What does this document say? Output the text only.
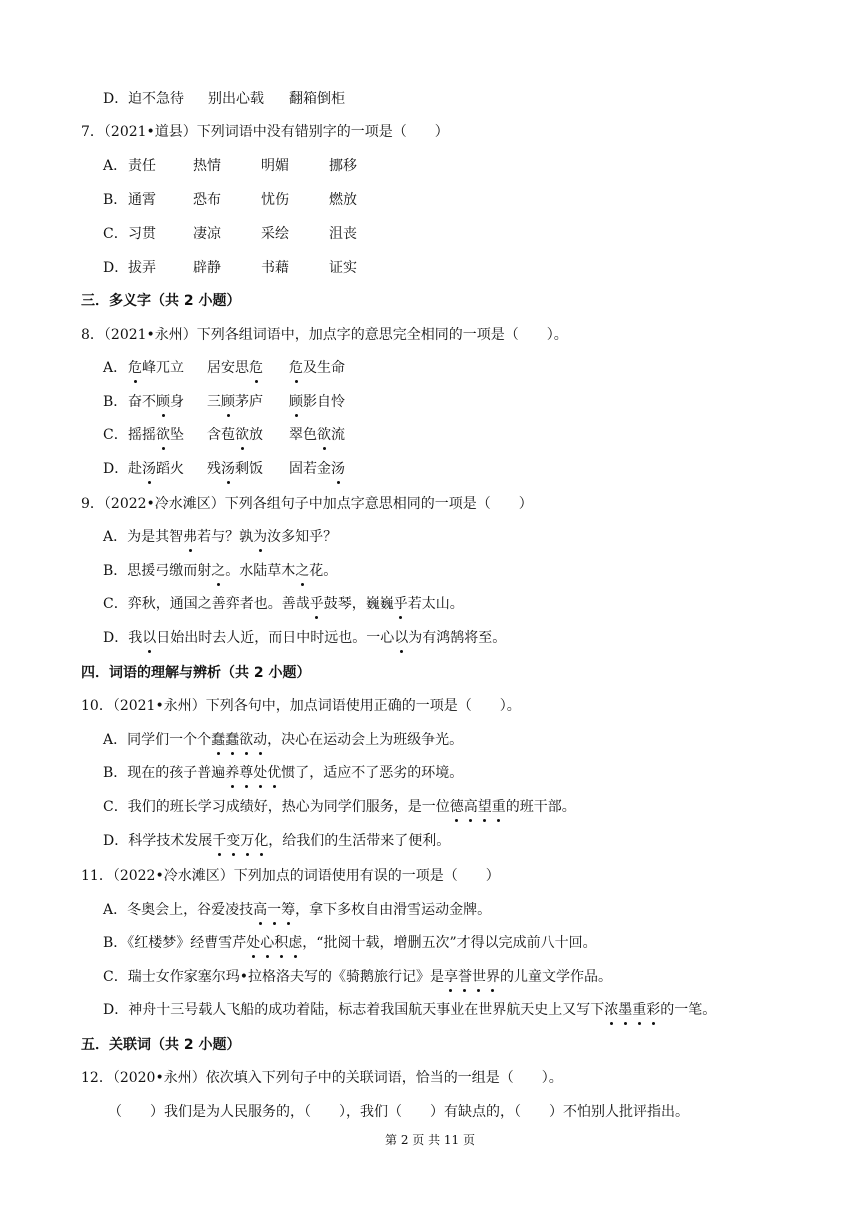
D． 迫不急待 别出心载 翻箱倒柜
7．（2021•道县）下列词语中没有错别字的一项是（　　）
A． 责任	热情	明媚	挪移
B． 通霄	恐布	忧伤	燃放
C． 习贯	凄凉	采绘	沮丧
D． 拔弄	辟静	书藉	证实
三．多义字（共 2 小题）
8．（2021•永州）下列各组词语中，加点字的意思完全相同的一项是（　　）。
A． 危峰兀立 居安思危 危及生命
B． 奋不顾身 三顾茅庐 顾影自怜
C． 摇摇欲坠 含苞欲放 翠色欲流
D． 赴汤蹈火 残汤剩饭 固若金汤
9．（2022•冷水滩区）下列各组句子中加点字意思相同的一项是（　　）
A．为是其智弗若与？孰为汝多知乎？
B．思援弓缴而射之。水陆草木之花。
C．弈秋，通国之善弈者也。善哉乎鼓琴，巍巍乎若太山。
D．我以日始出时去人近，而日中时远也。一心以为有鸿鹄将至。
四．词语的理解与辨析（共 2 小题）
10．（2021•永州）下列各句中，加点词语使用正确的一项是（　　）。
A．同学们一个个蠢蠢欲动，决心在运动会上为班级争光。
B．现在的孩子普遍养尊处优惯了，适应不了恶劣的环境。
C．我们的班长学习成绩好，热心为同学们服务，是一位德高望重的班干部。
D．科学技术发展千变万化，给我们的生活带来了便利。
11．（2022•冷水滩区）下列加点的词语使用有误的一项是（　　）
A．冬奥会上，谷爱凌技高一筹，拿下多枚自由滑雪运动金牌。
B．《红楼梦》经曹雪芹处心积虑，“批阅十载，增删五次”才得以完成前八十回。
C．瑞士女作家塞尔玛•拉格洛夫写的《骑鹅旅行记》是享誉世界的儿童文学作品。
D．神舟十三号载人飞船的成功着陆，标志着我国航天事业在世界航天史上又写下浓墨重彩的一笔。
五．关联词（共 2 小题）
12．（2020•永州）依次填入下列句子中的关联词语，恰当的一组是（　　）。
（　　）我们是为人民服务的，（　　），我们（　　）有缺点的，（　　）不怕别人批评指出。
第 2 页 共 11 页
